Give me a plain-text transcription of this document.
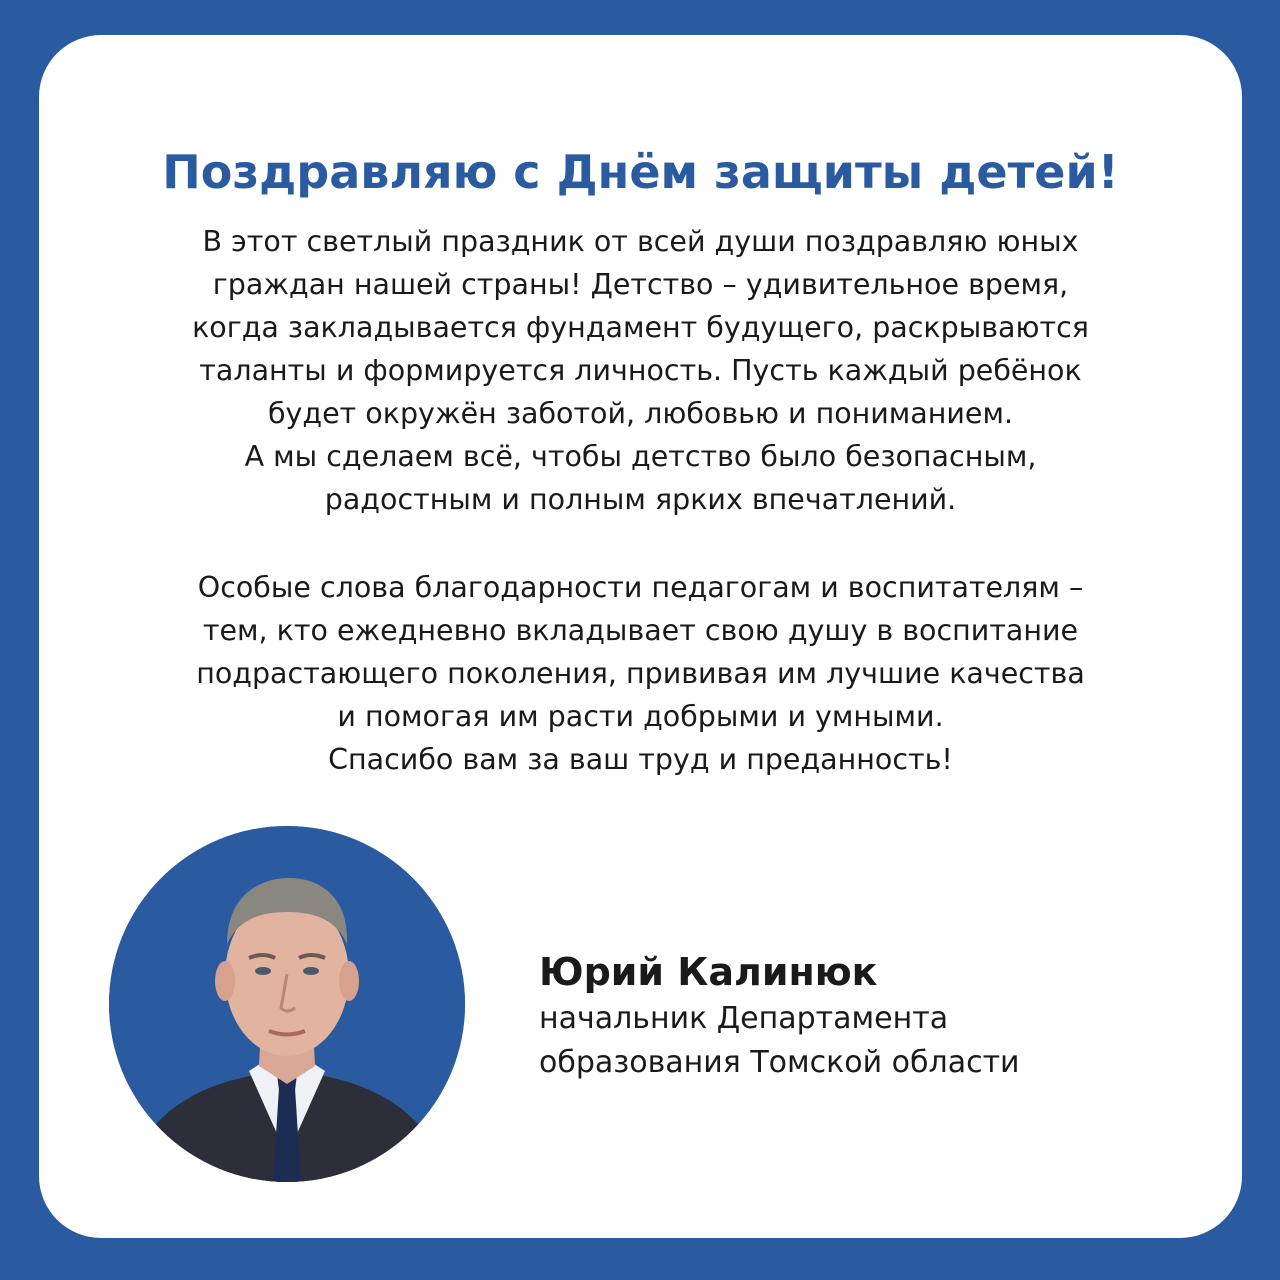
Поздравляю с Днём защиты детей!
В этот светлый праздник от всей души поздравляю юных
граждан нашей страны! Детство – удивительное время,
когда закладывается фундамент будущего, раскрываются
таланты и формируется личность. Пусть каждый ребёнок
будет окружён заботой, любовью и пониманием.
А мы сделаем всё, чтобы детство было безопасным,
радостным и полным ярких впечатлений.
Особые слова благодарности педагогам и воспитателям –
тем, кто ежедневно вкладывает свою душу в воспитание
подрастающего поколения, прививая им лучшие качества
и помогая им расти добрыми и умными.
Спасибо вам за ваш труд и преданность!
Юрий Калинюк
начальник Департамента
образования Томской области
